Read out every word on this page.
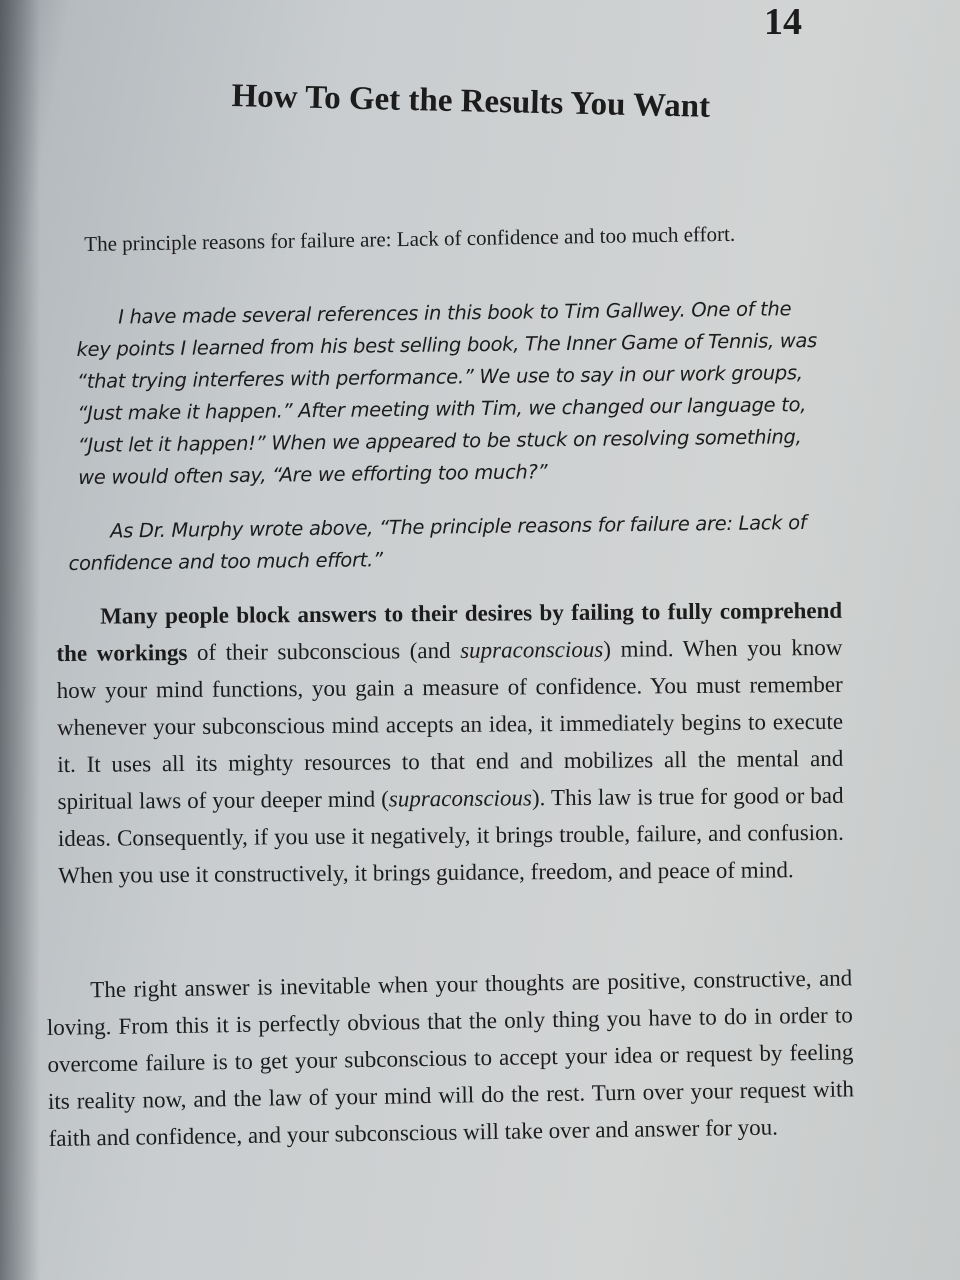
14
How To Get the Results You Want

The principle reasons for failure are: Lack of confidence and too much effort.

I have made several references in this book to Tim Gallwey. One of the key points I learned from his best selling book, The Inner Game of Tennis, was “that trying interferes with performance.” We use to say in our work groups, “Just make it happen.” After meeting with Tim, we changed our language to, “Just let it happen!” When we appeared to be stuck on resolving something, we would often say, “Are we efforting too much?”

As Dr. Murphy wrote above, “The principle reasons for failure are: Lack of confidence and too much effort.”

Many people block answers to their desires by failing to fully comprehend the workings of their subconscious (and supraconscious) mind. When you know how your mind functions, you gain a measure of confidence. You must remember whenever your subconscious mind accepts an idea, it immediately begins to execute it. It uses all its mighty resources to that end and mobilizes all the mental and spiritual laws of your deeper mind (supraconscious). This law is true for good or bad ideas. Consequently, if you use it negatively, it brings trouble, failure, and confusion. When you use it constructively, it brings guidance, freedom, and peace of mind.

The right answer is inevitable when your thoughts are positive, constructive, and loving. From this it is perfectly obvious that the only thing you have to do in order to overcome failure is to get your subconscious to accept your idea or request by feeling its reality now, and the law of your mind will do the rest. Turn over your request with faith and confidence, and your subconscious will take over and answer for you.
